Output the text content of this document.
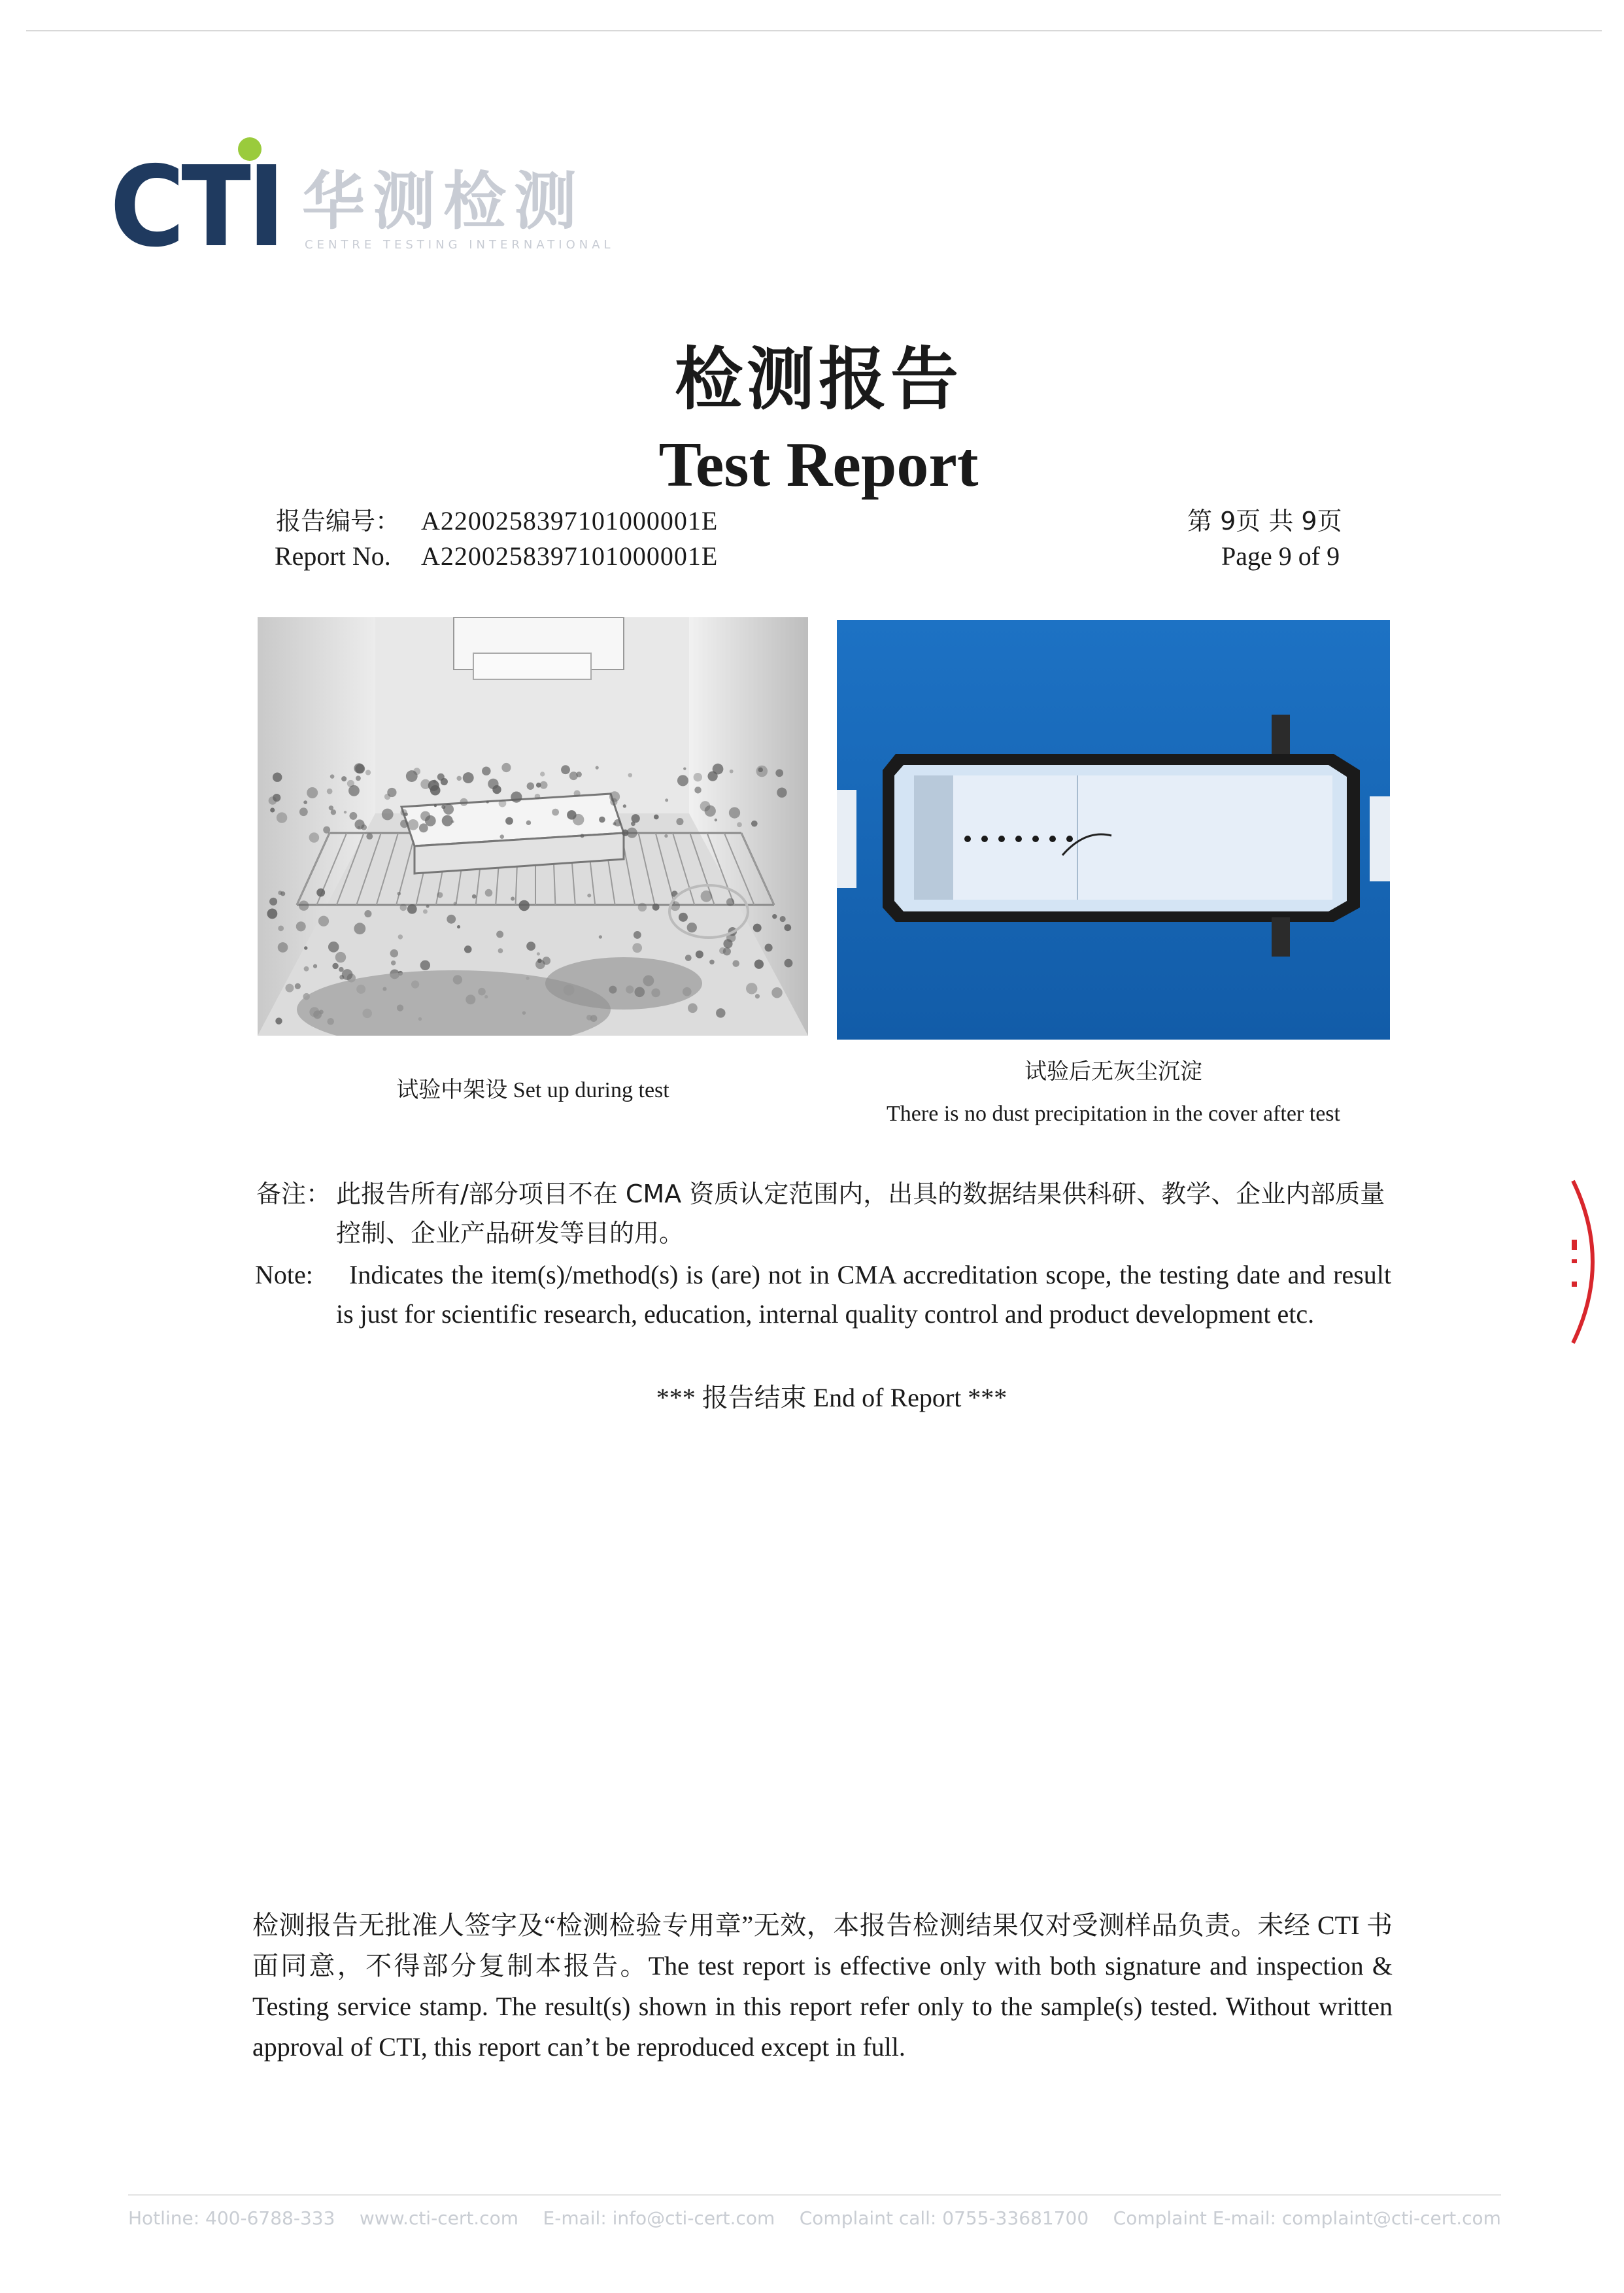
CTI 华测检测
CENTRE TESTING INTERNATIONAL
检测报告
Test Report
报告编号： A2200258397101000001E
Report No. A2200258397101000001E
第 9页 共 9页
Page 9 of 9
试验中架设 Set up during test
试验后无灰尘沉淀
There is no dust precipitation in the cover after test
备注： 此报告所有/部分项目不在 CMA 资质认定范围内，出具的数据结果供科研、教学、企业内部质量控制、企业产品研发等目的用。
Note:	Indicates the item(s)/method(s) is (are) not in CMA accreditation scope, the testing date and result is just for scientific research, education, internal quality control and product development etc.
*** 报告结束 End of Report ***
检测报告无批准人签字及“检测检验专用章”无效，本报告检测结果仅对受测样品负责。未经 CTI 书面同意，不得部分复制本报告。The test report is effective only with both signature and inspection & Testing service stamp. The result(s) shown in this report refer only to the sample(s) tested. Without written approval of CTI, this report can’t be reproduced except in full.
Hotline: 400-6788-333 www.cti-cert.com E-mail: info@cti-cert.com Complaint call: 0755-33681700 Complaint E-mail: complaint@cti-cert.com
